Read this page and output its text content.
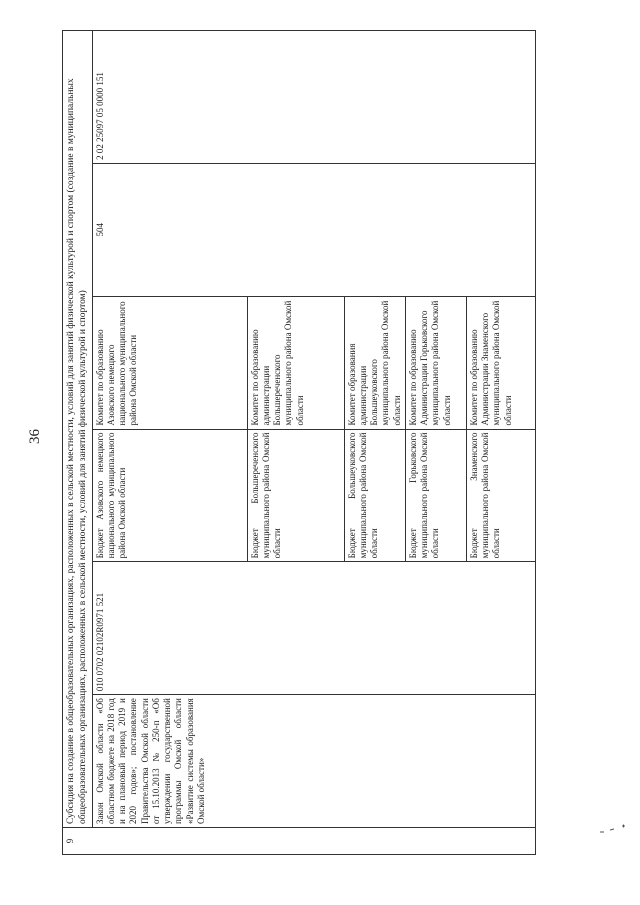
36
9	Субсидия на создание в общеобразовательных организациях, расположенных в сельской местности, условий для занятий физической культурой и спортом (создание в муниципальных общеобразовательных организациях, расположенных в сельской местности, условий для занятий физической культурой и спортом)					
	Закон Омской области «Об областном бюджете на 2018 год и на плановый период 2019 и 2020 годов»; постановление Правительства Омской области от 15.10.2013 № 250-п «Об утверждении государственной программы Омской области «Развитие системы образования Омской области»	010 0702 02102R0971 521	Бюджет Азовского немецкого национального муниципального района Омской области	Комитет по образованию Азовского немецкого национального муниципального района Омской области	504	2 02 25097 05 0000 151
			Бюджет Большереченского муниципального района Омской области	Комитет по образованию администрации Большереченского муниципального района Омской области		
			Бюджет Большеуковского муниципального района Омской области	Комитет образования администрации Большеуковского муниципального района Омской области		
			Бюджет Горьковского муниципального района Омской области	Комитет по образованию Администрации Горьковского муниципального района Омской области		
			Бюджет Знаменского муниципального района Омской области	Комитет по образованию Администрации Знаменского муниципального района Омской области		
